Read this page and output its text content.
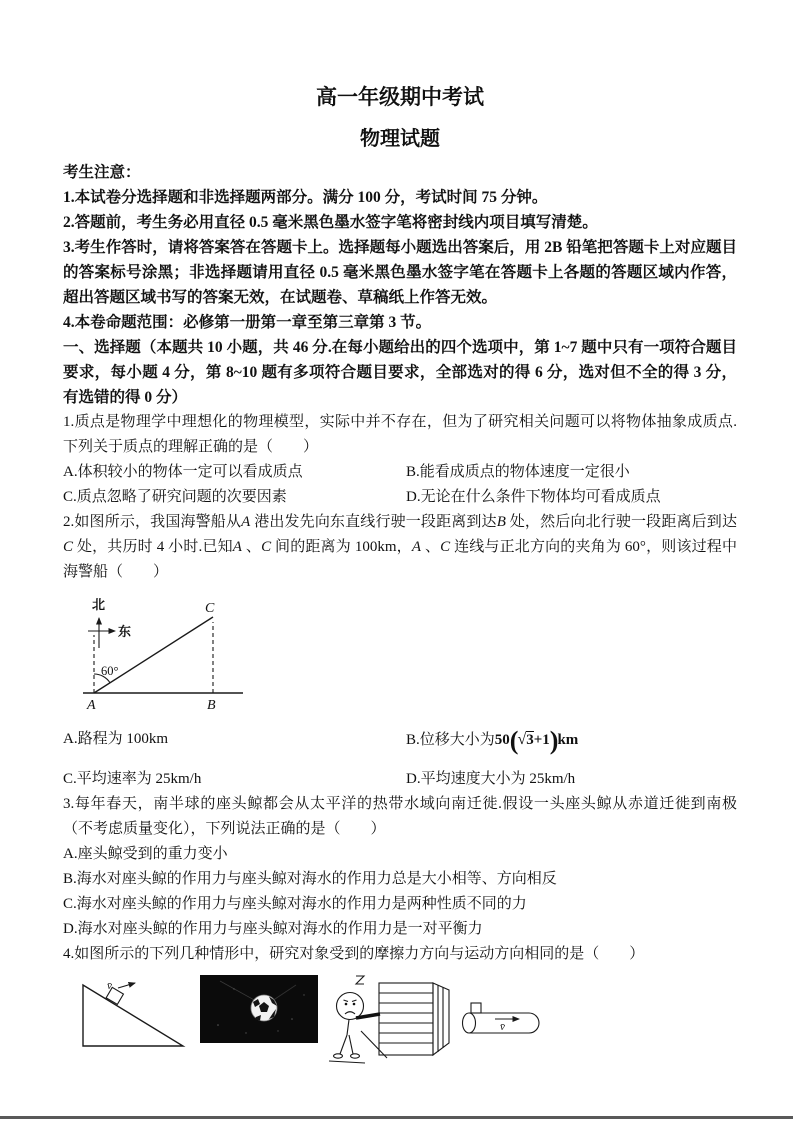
高一年级期中考试
物理试题

考生注意：

1.本试卷分选择题和非选择题两部分。满分 100 分，考试时间 75 分钟。

2.答题前，考生务必用直径 0.5 毫米黑色墨水签字笔将密封线内项目填写清楚。

3.考生作答时，请将答案答在答题卡上。选择题每小题选出答案后，用 2B 铅笔把答题卡上对应题目的答案标号涂黑；非选择题请用直径 0.5 毫米黑色墨水签字笔在答题卡上各题的答题区域内作答，超出答题区域书写的答案无效，在试题卷、草稿纸上作答无效。

4.本卷命题范围：必修第一册第一章至第三章第 3 节。

一、选择题（本题共 10 小题，共 46 分.在每小题给出的四个选项中，第 1~7 题中只有一项符合题目要求，每小题 4 分，第 8~10 题有多项符合题目要求，全部选对的得 6 分，选对但不全的得 3 分，有选错的得 0 分）

1.质点是物理学中理想化的物理模型，实际中并不存在，但为了研究相关问题可以将物体抽象成质点.下列关于质点的理解正确的是（　　）

A.体积较小的物体一定可以看成质点	B.能看成质点的物体速度一定很小
C.质点忽略了研究问题的次要因素	D.无论在什么条件下物体均可看成质点

2.如图所示，我国海警船从A 港出发先向东直线行驶一段距离到达B 处，然后向北行驶一段距离后到达C 处，共历时 4 小时.已知A 、C 间的距离为 100km，A 、C 连线与正北方向的夹角为 60°，则该过程中海警船（　　）

北
东
60°
C
A	B
A.路程为 100km	B.位移大小为50(√3+1)km
C.平均速率为 25km/h	D.平均速度大小为 25km/h

3.每年春天，南半球的座头鲸都会从太平洋的热带水域向南迁徙.假设一头座头鲸从赤道迁徙到南极（不考虑质量变化），下列说法正确的是（　　）

A.座头鲸受到的重力变小

B.海水对座头鲸的作用力与座头鲸对海水的作用力总是大小相等、方向相反

C.海水对座头鲸的作用力与座头鲸对海水的作用力是两种性质不同的力

D.海水对座头鲸的作用力与座头鲸对海水的作用力是一对平衡力

4.如图所示的下列几种情形中，研究对象受到的摩擦力方向与运动方向相同的是（　　）

v̄
v̄
